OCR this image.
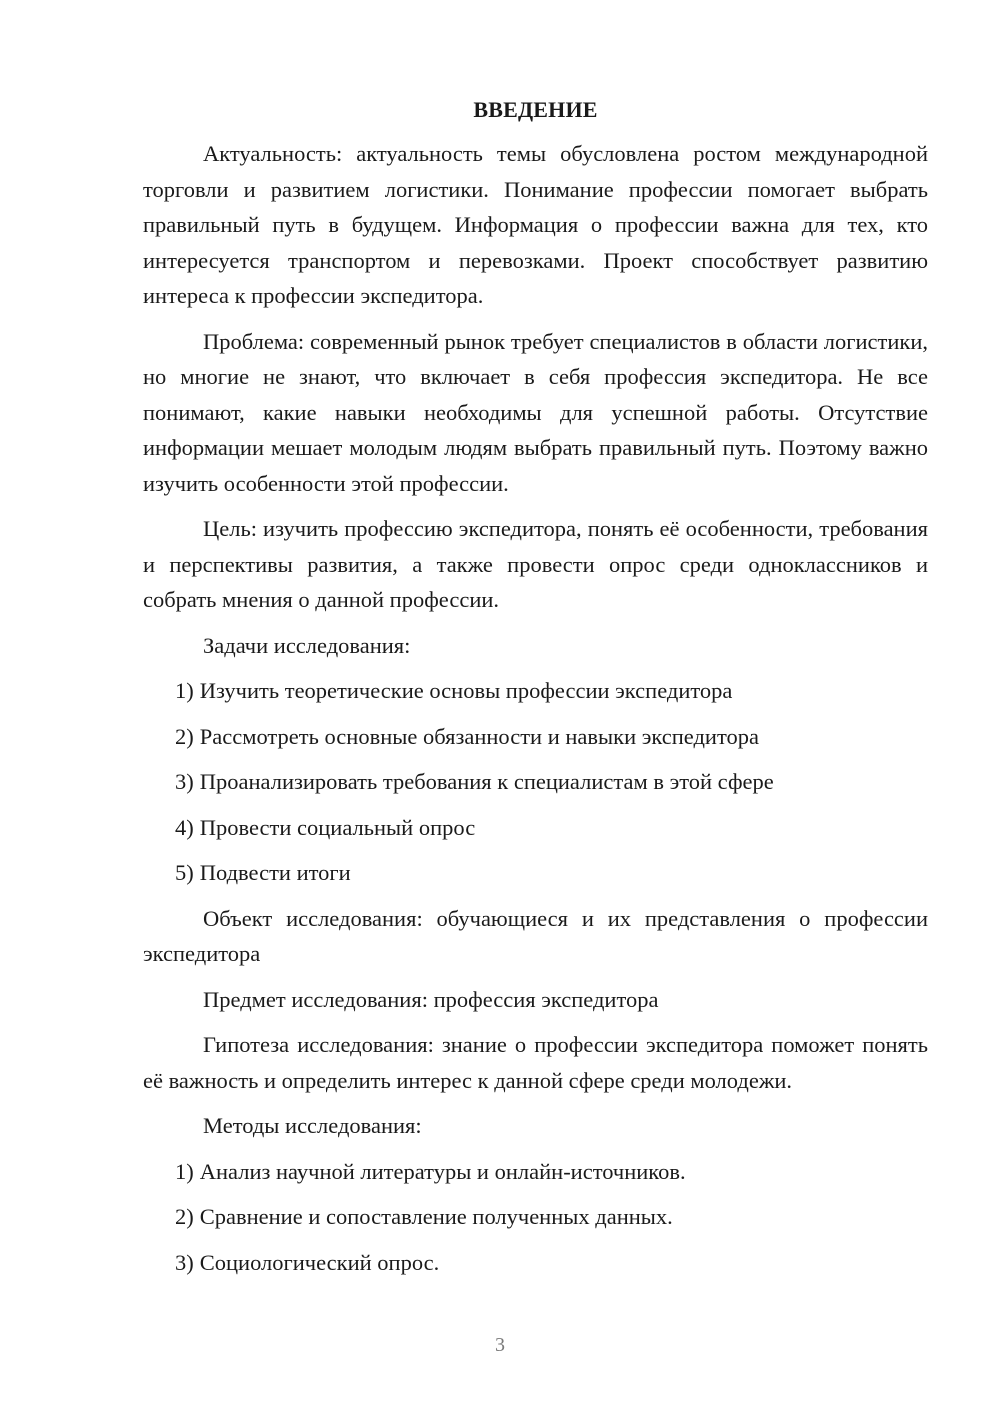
ВВЕДЕНИЕ

Актуальность: актуальность темы обусловлена ростом международной торговли и развитием логистики. Понимание профессии помогает выбрать правильный путь в будущем. Информация о профессии важна для тех, кто интересуется транспортом и перевозками. Проект способствует развитию интереса к профессии экспедитора.

Проблема: современный рынок требует специалистов в области логистики, но многие не знают, что включает в себя профессия экспедитора. Не все понимают, какие навыки необходимы для успешной работы. Отсутствие информации мешает молодым людям выбрать правильный путь. Поэтому важно изучить особенности этой профессии.

Цель: изучить профессию экспедитора, понять её особенности, требования и перспективы развития, а также провести опрос среди одноклассников и собрать мнения о данной профессии.

Задачи исследования:

1) Изучить теоретические основы профессии экспедитора
2) Рассмотреть основные обязанности и навыки экспедитора
3) Проанализировать требования к специалистам в этой сфере
4) Провести социальный опрос
5) Подвести итоги

Объект исследования: обучающиеся и их представления о профессии экспедитора

Предмет исследования: профессия экспедитора

Гипотеза исследования: знание о профессии экспедитора поможет понять её важность и определить интерес к данной сфере среди молодежи.

Методы исследования:

1) Анализ научной литературы и онлайн-источников.
2) Сравнение и сопоставление полученных данных.
3) Социологический опрос.
3
